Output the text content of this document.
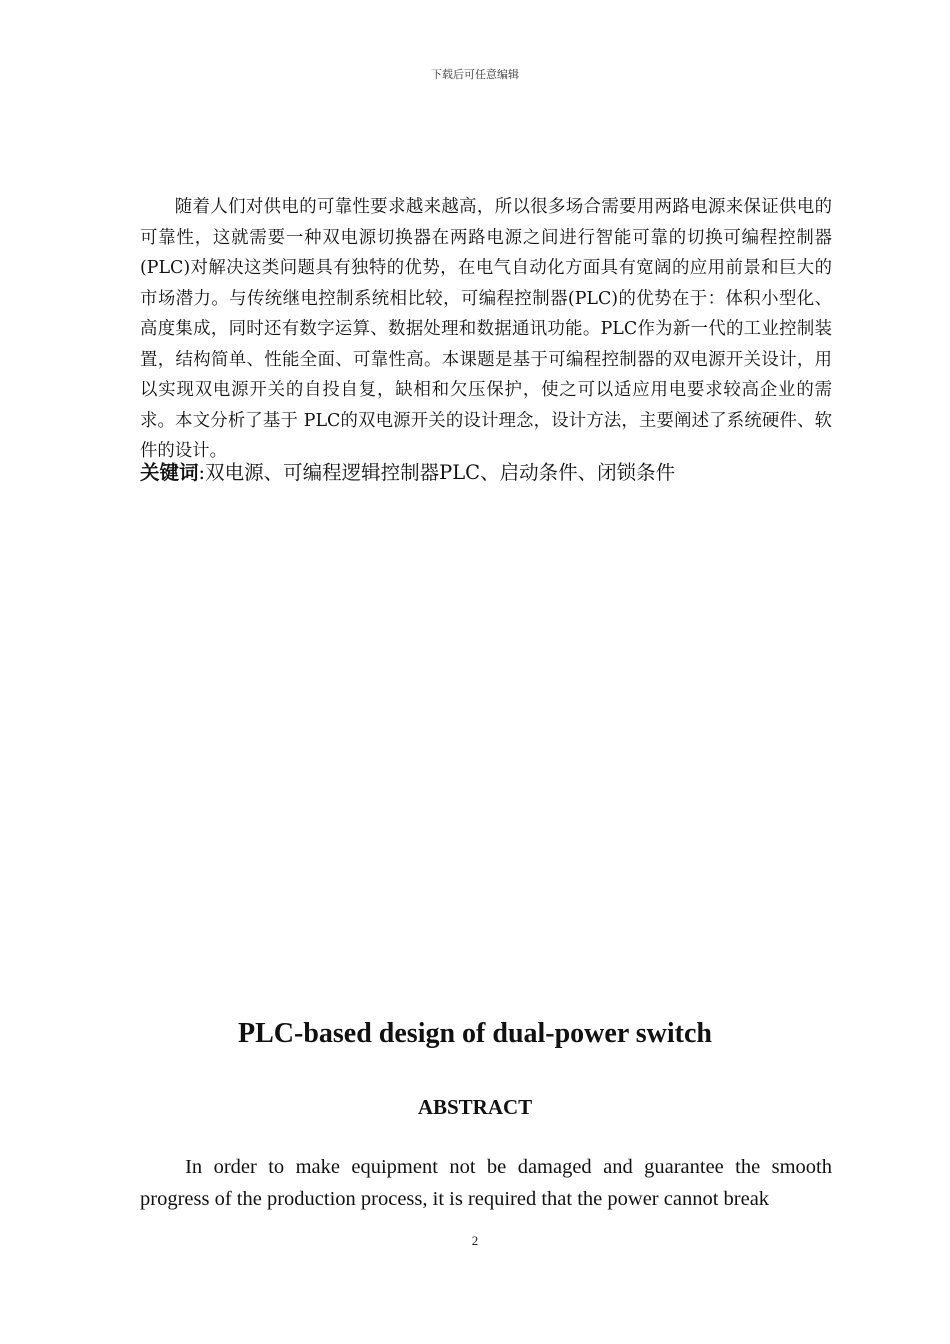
下载后可任意编辑

随着人们对供电的可靠性要求越来越高，所以很多场合需要用两路电源来保证供电的可靠性，这就需要一种双电源切换器在两路电源之间进行智能可靠的切换可编程控制器(PLC)对解决这类问题具有独特的优势，在电气自动化方面具有宽阔的应用前景和巨大的市场潜力。与传统继电控制系统相比较，可编程控制器(PLC)的优势在于：体积小型化、高度集成，同时还有数字运算、数据处理和数据通讯功能。PLC作为新一代的工业控制装置，结构简单、性能全面、可靠性高。本课题是基于可编程控制器的双电源开关设计，用以实现双电源开关的自投自复，缺相和欠压保护，使之可以适应用电要求较高企业的需求。本文分析了基于 PLC的双电源开关的设计理念，设计方法，主要阐述了系统硬件、软件的设计。

关键词:双电源、可编程逻辑控制器PLC、启动条件、闭锁条件

PLC-based design of dual-power switch
ABSTRACT

In order to make equipment not be damaged and guarantee the smooth progress of the production process, it is required that the power cannot break

2
